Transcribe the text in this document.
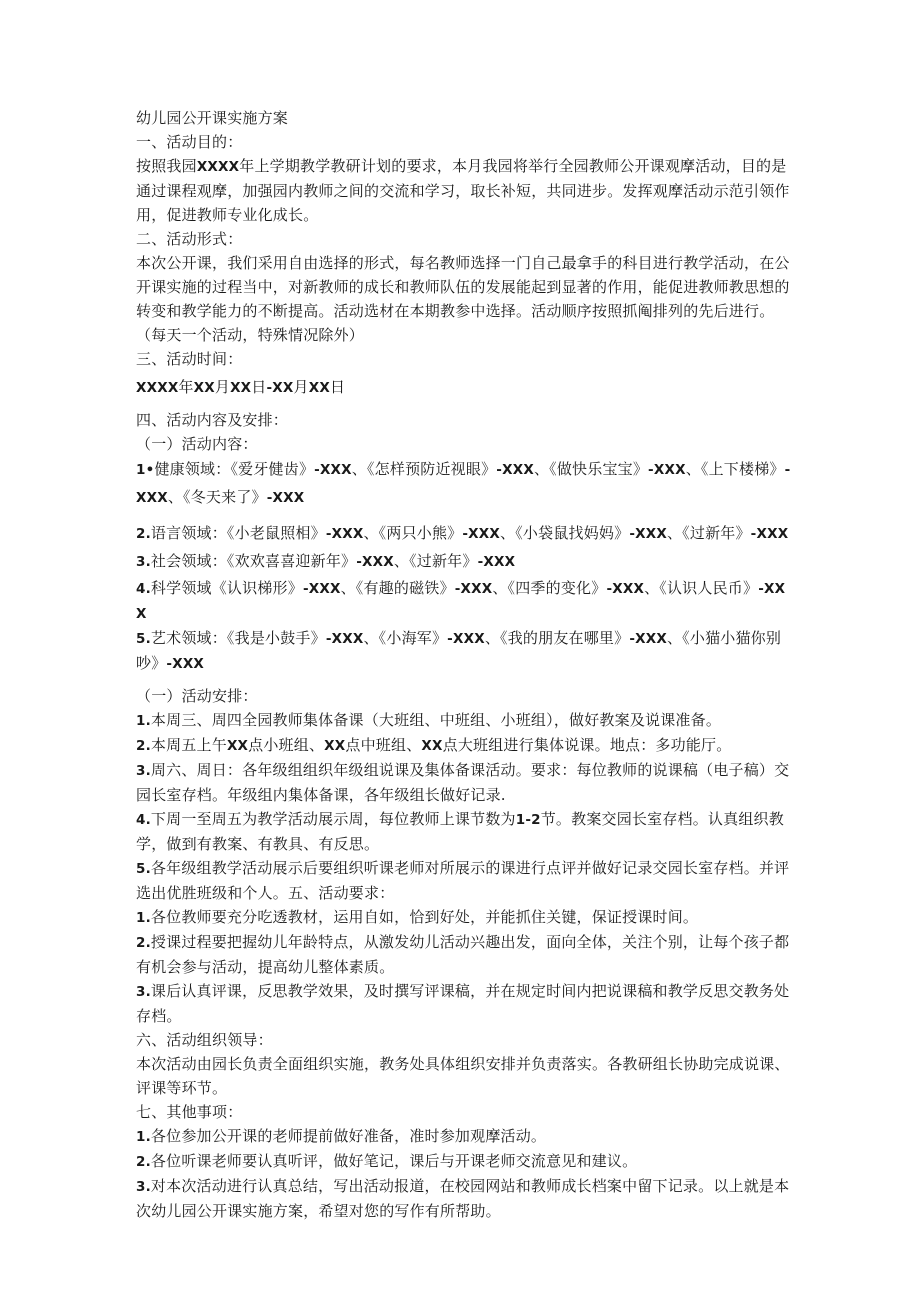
幼儿园公开课实施方案

一、活动目的：

按照我园XXXX年上学期教学教研计划的要求，本月我园将举行全园教师公开课观摩活动，目的是通过课程观摩，加强园内教师之间的交流和学习，取长补短，共同进步。发挥观摩活动示范引领作用，促进教师专业化成长。

二、活动形式：

本次公开课，我们采用自由选择的形式，每名教师选择一门自己最拿手的科目进行教学活动，在公开课实施的过程当中，对新教师的成长和教师队伍的发展能起到显著的作用，能促进教师教思想的转变和教学能力的不断提高。活动选材在本期教参中选择。活动顺序按照抓阄排列的先后进行。（每天一个活动，特殊情况除外）

三、活动时间：

XXXX年XX月XX日-XX月XX日

四、活动内容及安排：

（一）活动内容：

1•健康领域：《爱牙健齿》-XXX、《怎样预防近视眼》-XXX、《做快乐宝宝》-XXX、《上下楼梯》-XXX、《冬天来了》-XXX

2.语言领域：《小老鼠照相》-XXX、《两只小熊》-XXX、《小袋鼠找妈妈》-XXX、《过新年》-XXX3.社会领域：《欢欢喜喜迎新年》-XXX、《过新年》-XXX

4.科学领域《认识梯形》-XXX、《有趣的磁铁》-XXX、《四季的变化》-XXX、《认识人民币》-XXX

5.艺术领域：《我是小鼓手》-XXX、《小海军》-XXX、《我的朋友在哪里》-XXX、《小猫小猫你别吵》-XXX

（一）活动安排：

1.本周三、周四全园教师集体备课（大班组、中班组、小班组），做好教案及说课准备。

2.本周五上午XX点小班组、XX点中班组、XX点大班组进行集体说课。地点：多功能厅。

3.周六、周日：各年级组组织年级组说课及集体备课活动。要求：每位教师的说课稿（电子稿）交园长室存档。年级组内集体备课，各年级组长做好记录.

4.下周一至周五为教学活动展示周，每位教师上课节数为1-2节。教案交园长室存档。认真组织教学，做到有教案、有教具、有反思。

5.各年级组教学活动展示后要组织听课老师对所展示的课进行点评并做好记录交园长室存档。并评选出优胜班级和个人。五、活动要求：

1.各位教师要充分吃透教材，运用自如，恰到好处，并能抓住关键，保证授课时间。

2.授课过程要把握幼儿年龄特点，从激发幼儿活动兴趣出发，面向全体，关注个别，让每个孩子都有机会参与活动，提高幼儿整体素质。

3.课后认真评课，反思教学效果，及时撰写评课稿，并在规定时间内把说课稿和教学反思交教务处存档。

六、活动组织领导：

本次活动由园长负责全面组织实施，教务处具体组织安排并负责落实。各教研组长协助完成说课、评课等环节。

七、其他事项：

1.各位参加公开课的老师提前做好准备，准时参加观摩活动。

2.各位听课老师要认真听评，做好笔记，课后与开课老师交流意见和建议。

3.对本次活动进行认真总结，写出活动报道，在校园网站和教师成长档案中留下记录。以上就是本次幼儿园公开课实施方案，希望对您的写作有所帮助。
